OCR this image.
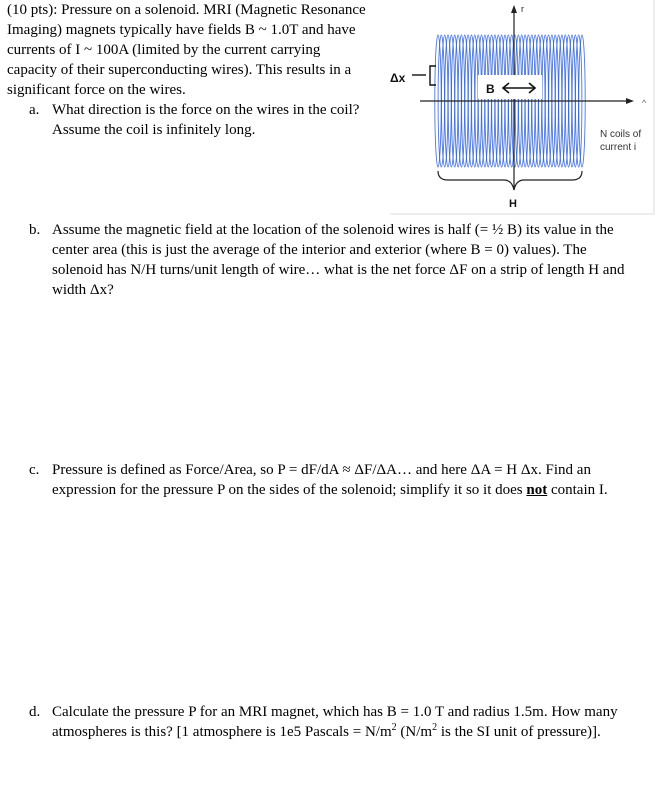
(10 pts): Pressure on a solenoid. MRI (Magnetic Resonance
Imaging) magnets typically have fields B ~ 1.0T and have
currents of I ~ 100A (limited by the current carrying
capacity of their superconducting wires). This results in a
significant force on the wires.
a. What direction is the force on the wires in the coil?
Assume the coil is infinitely long.
b. Assume the magnetic field at the location of the solenoid wires is half (= ½ B) its value in the
center area (this is just the average of the interior and exterior (where B = 0) values). The
solenoid has N/H turns/unit length of wire… what is the net force ΔF on a strip of length H and
width Δx?
c. Pressure is defined as Force/Area, so P = dF/dA ≈ ΔF/ΔA… and here ΔA = H Δx. Find an
expression for the pressure P on the sides of the solenoid; simplify it so it does not contain I.
d. Calculate the pressure P for an MRI magnet, which has B = 1.0 T and radius 1.5m. How many
atmospheres is this? [1 atmosphere is 1e5 Pascals = $N/m^2$ ($N/m^2$ is the SI unit of pressure)].
r
^
B
Δx
N coils of
current i
H
